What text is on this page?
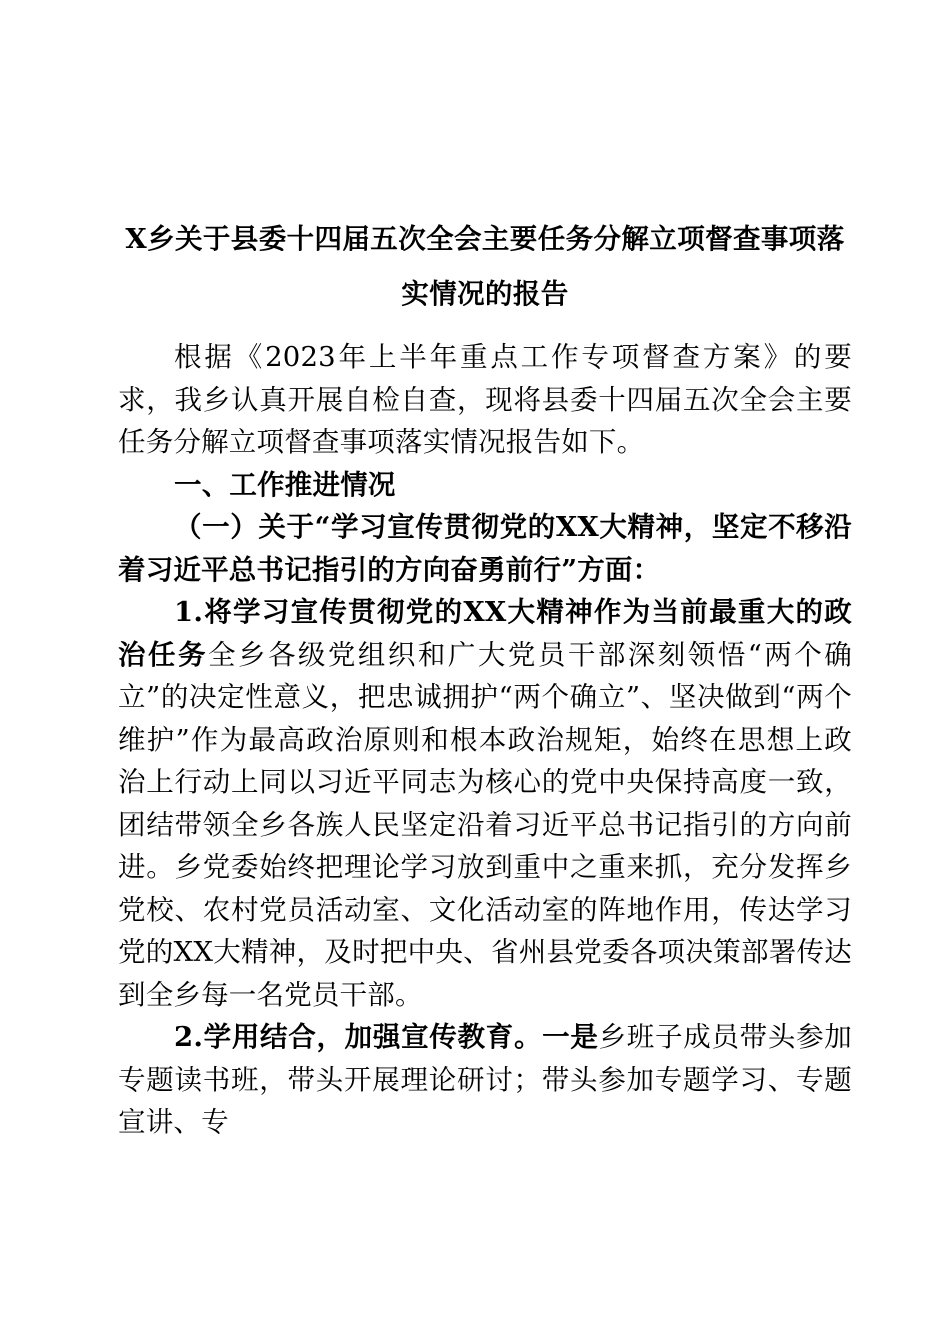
X乡关于县委十四届五次全会主要任务分解立项督查事项落实情况的报告

根据《2023年上半年重点工作专项督查方案》的要求，我乡认真开展自检自查，现将县委十四届五次全会主要任务分解立项督查事项落实情况报告如下。

一、工作推进情况

（一）关于“学习宣传贯彻党的XX大精神，坚定不移沿着习近平总书记指引的方向奋勇前行”方面：

1.将学习宣传贯彻党的XX大精神作为当前最重大的政治任务全乡各级党组织和广大党员干部深刻领悟“两个确立”的决定性意义，把忠诚拥护“两个确立”、坚决做到“两个维护”作为最高政治原则和根本政治规矩，始终在思想上政治上行动上同以习近平同志为核心的党中央保持高度一致，团结带领全乡各族人民坚定沿着习近平总书记指引的方向前进。乡党委始终把理论学习放到重中之重来抓，充分发挥乡党校、农村党员活动室、文化活动室的阵地作用，传达学习党的XX大精神，及时把中央、省州县党委各项决策部署传达到全乡每一名党员干部。

2.学用结合，加强宣传教育。一是乡班子成员带头参加专题读书班，带头开展理论研讨；带头参加专题学习、专题宣讲、专
